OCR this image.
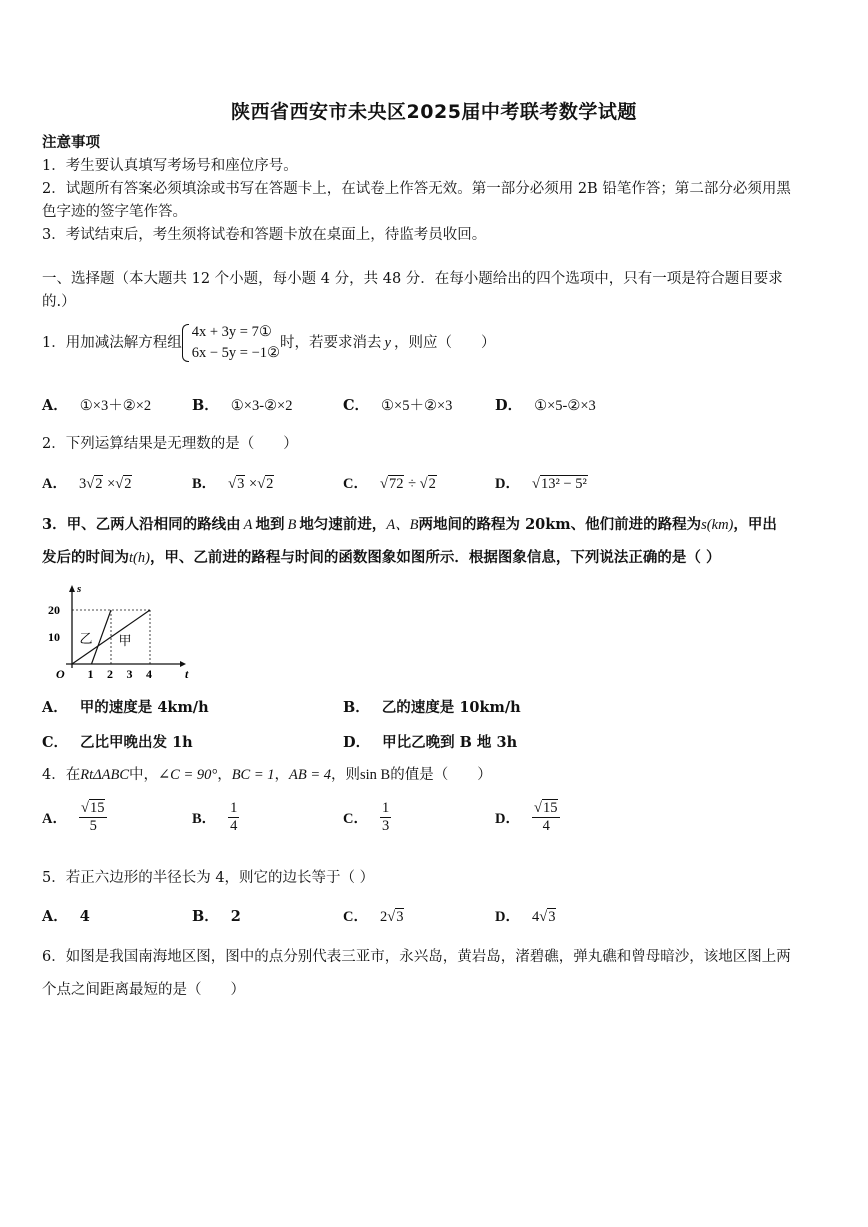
陕西省西安市未央区2025届中考联考数学试题
注意事项
1．考生要认真填写考场号和座位序号。
2．试题所有答案必须填涂或书写在答题卡上，在试卷上作答无效。第一部分必须用 2B 铅笔作答；第二部分必须用黑
色字迹的签字笔作答。
3．考试结束后，考生须将试卷和答题卡放在桌面上，待监考员收回。
一、选择题（本大题共 12 个小题，每小题 4 分，共 48 分．在每小题给出的四个选项中，只有一项是符合题目要求
的.）
1．用加减法解方程组
4x + 3y = 7①
6x − 5y = −1②
时，若要求消去 y ，则应（　　）
A． ①×3＋②×2	B． ①×3-②×2	C． ①×5＋②×3	D． ①×5-②×3
2．下列运算结果是无理数的是（　　）
A． 3√2 ×√2	B． √3 ×√2	C． √72 ÷ √2	D． √13² − 5²
3．甲、乙两人沿相同的路线由 A 地到 B 地匀速前进，A、B两地间的路程为 20km、他们前进的路程为s(km)，甲出
发后的时间为t(h)，甲、乙前进的路程与时间的函数图象如图所示．根据图象信息，下列说法正确的是（ ）
s
t
O 1 2 3 4
10
20
甲
乙
A． 甲的速度是 4km/h	B． 乙的速度是 10km/h
C． 乙比甲晚出发 1h	D． 甲比乙晚到 B 地 3h
4．在RtΔABC中，∠C = 90°，BC = 1，AB = 4，则sin B的值是（　　）
A． $\frac{√15}{5}$	B． $\frac{1}{4}$	C． $\frac{1}{3}$	D． $\frac{√15}{4}$
5．若正六边形的半径长为 4，则它的边长等于（ ）
A． 4	B． 2	C． 2√3	D． 4√3
6．如图是我国南海地区图，图中的点分别代表三亚市，永兴岛，黄岩岛，渚碧礁，弹丸礁和曾母暗沙，该地区图上两
个点之间距离最短的是（　　）
